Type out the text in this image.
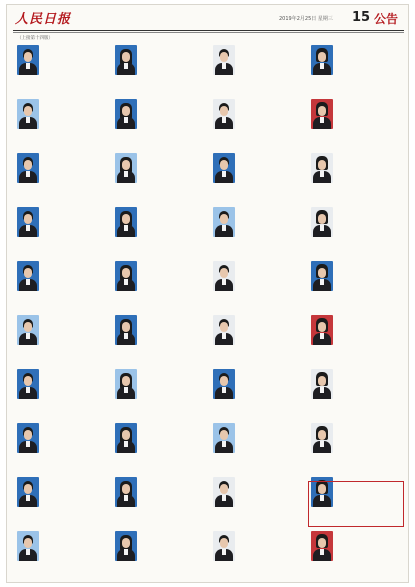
人民日报	2019年2月25日 星期三 15 公告
（上接第十四版）
